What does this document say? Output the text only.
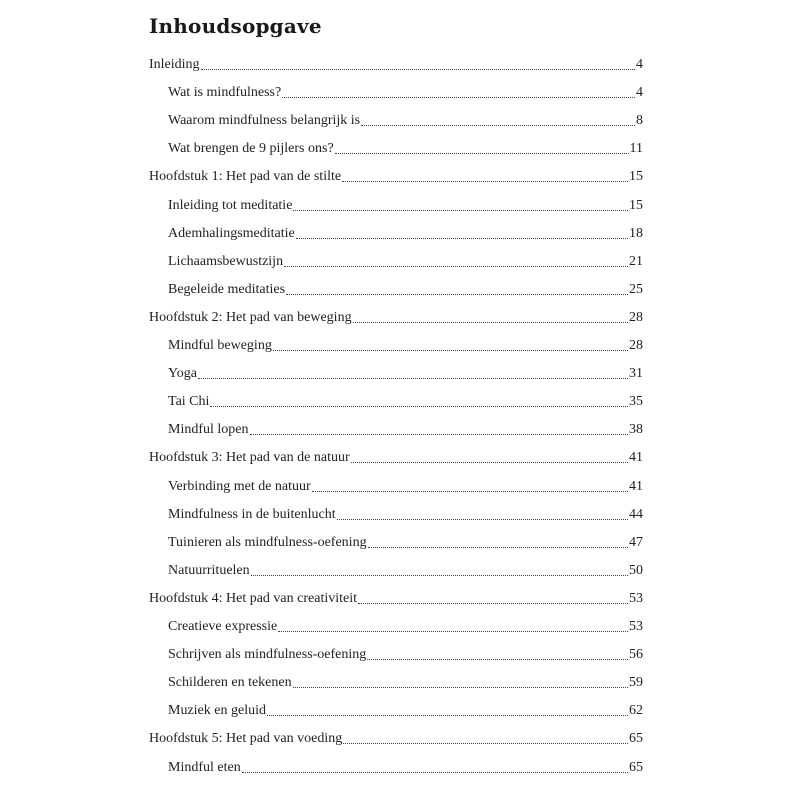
Inhoudsopgave
Inleiding	4
Wat is mindfulness?	4
Waarom mindfulness belangrijk is	8
Wat brengen de 9 pijlers ons?	11
Hoofdstuk 1: Het pad van de stilte	15
Inleiding tot meditatie	15
Ademhalingsmeditatie	18
Lichaamsbewustzijn	21
Begeleide meditaties	25
Hoofdstuk 2: Het pad van beweging	28
Mindful beweging	28
Yoga	31
Tai Chi	35
Mindful lopen	38
Hoofdstuk 3: Het pad van de natuur	41
Verbinding met de natuur	41
Mindfulness in de buitenlucht	44
Tuinieren als mindfulness-oefening	47
Natuurrituelen	50
Hoofdstuk 4: Het pad van creativiteit	53
Creatieve expressie	53
Schrijven als mindfulness-oefening	56
Schilderen en tekenen	59
Muziek en geluid	62
Hoofdstuk 5: Het pad van voeding	65
Mindful eten	65
